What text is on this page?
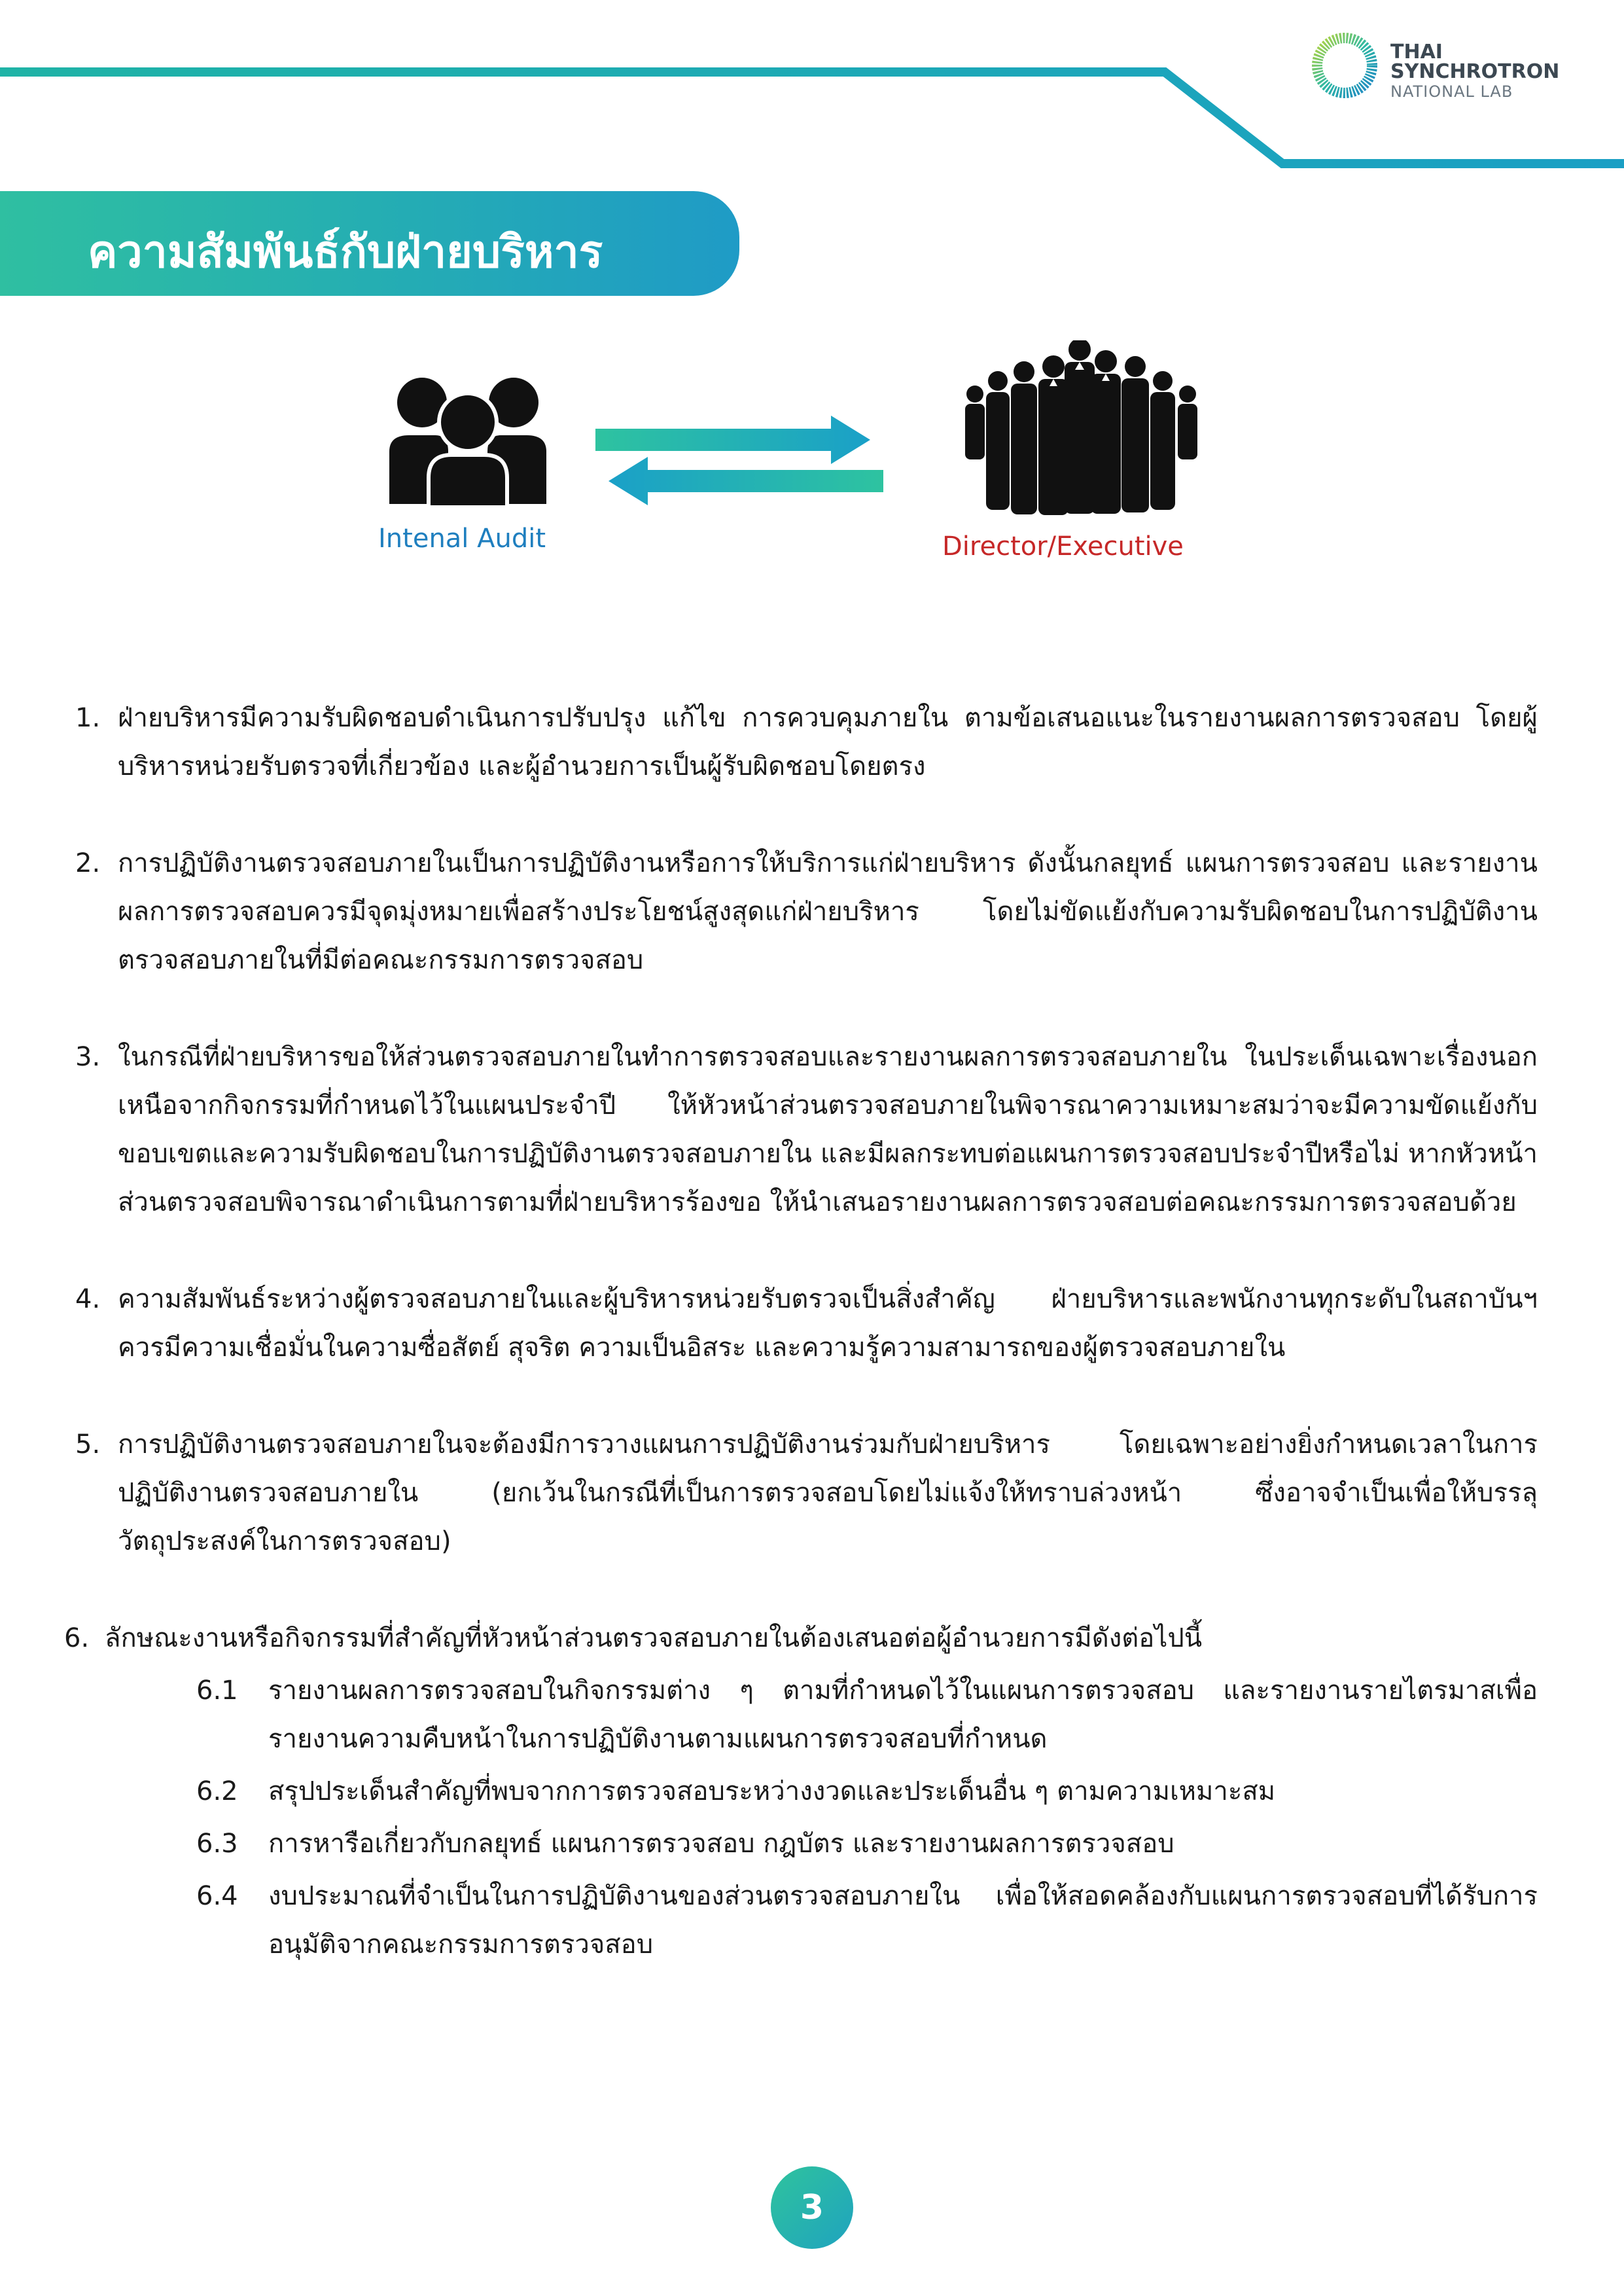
THAI
SYNCHROTRON
NATIONAL LAB
ความสัมพันธ์กับฝ่ายบริหาร
Intenal Audit	Director/Executive
1. ฝ่ายบริหารมีความรับผิดชอบดำเนินการปรับปรุง แก้ไข การควบคุมภายใน ตามข้อเสนอแนะในรายงานผลการตรวจสอบ โดยผู้บริหารหน่วยรับตรวจที่เกี่ยวข้อง และผู้อำนวยการเป็นผู้รับผิดชอบโดยตรง
2. การปฏิบัติงานตรวจสอบภายในเป็นการปฏิบัติงานหรือการให้บริการแก่ฝ่ายบริหาร ดังนั้นกลยุทธ์ แผนการตรวจสอบ และรายงานผลการตรวจสอบควรมีจุดมุ่งหมายเพื่อสร้างประโยชน์สูงสุดแก่ฝ่ายบริหาร โดยไม่ขัดแย้งกับความรับผิดชอบในการปฏิบัติงานตรวจสอบภายในที่มีต่อคณะกรรมการตรวจสอบ
3. ในกรณีที่ฝ่ายบริหารขอให้ส่วนตรวจสอบภายในทำการตรวจสอบและรายงานผลการตรวจสอบภายใน ในประเด็นเฉพาะเรื่องนอกเหนือจากกิจกรรมที่กำหนดไว้ในแผนประจำปี ให้หัวหน้าส่วนตรวจสอบภายในพิจารณาความเหมาะสมว่าจะมีความขัดแย้งกับขอบเขตและความรับผิดชอบในการปฏิบัติงานตรวจสอบภายใน และมีผลกระทบต่อแผนการตรวจสอบประจำปีหรือไม่ หากหัวหน้าส่วนตรวจสอบพิจารณาดำเนินการตามที่ฝ่ายบริหารร้องขอ ให้นำเสนอรายงานผลการตรวจสอบต่อคณะกรรมการตรวจสอบด้วย
4. ความสัมพันธ์ระหว่างผู้ตรวจสอบภายในและผู้บริหารหน่วยรับตรวจเป็นสิ่งสำคัญ ฝ่ายบริหารและพนักงานทุกระดับในสถาบันฯ ควรมีความเชื่อมั่นในความซื่อสัตย์ สุจริต ความเป็นอิสระ และความรู้ความสามารถของผู้ตรวจสอบภายใน
5. การปฏิบัติงานตรวจสอบภายในจะต้องมีการวางแผนการปฏิบัติงานร่วมกับฝ่ายบริหาร โดยเฉพาะอย่างยิ่งกำหนดเวลาในการปฏิบัติงานตรวจสอบภายใน (ยกเว้นในกรณีที่เป็นการตรวจสอบโดยไม่แจ้งให้ทราบล่วงหน้า ซึ่งอาจจำเป็นเพื่อให้บรรลุวัตถุประสงค์ในการตรวจสอบ)
6. ลักษณะงานหรือกิจกรรมที่สำคัญที่หัวหน้าส่วนตรวจสอบภายในต้องเสนอต่อผู้อำนวยการมีดังต่อไปนี้
6.1 รายงานผลการตรวจสอบในกิจกรรมต่าง ๆ ตามที่กำหนดไว้ในแผนการตรวจสอบ และรายงานรายไตรมาสเพื่อรายงานความคืบหน้าในการปฏิบัติงานตามแผนการตรวจสอบที่กำหนด
6.2 สรุปประเด็นสำคัญที่พบจากการตรวจสอบระหว่างงวดและประเด็นอื่น ๆ ตามความเหมาะสม
6.3 การหารือเกี่ยวกับกลยุทธ์ แผนการตรวจสอบ กฎบัตร และรายงานผลการตรวจสอบ
6.4 งบประมาณที่จำเป็นในการปฏิบัติงานของส่วนตรวจสอบภายใน เพื่อให้สอดคล้องกับแผนการตรวจสอบที่ได้รับการอนุมัติจากคณะกรรมการตรวจสอบ
3
